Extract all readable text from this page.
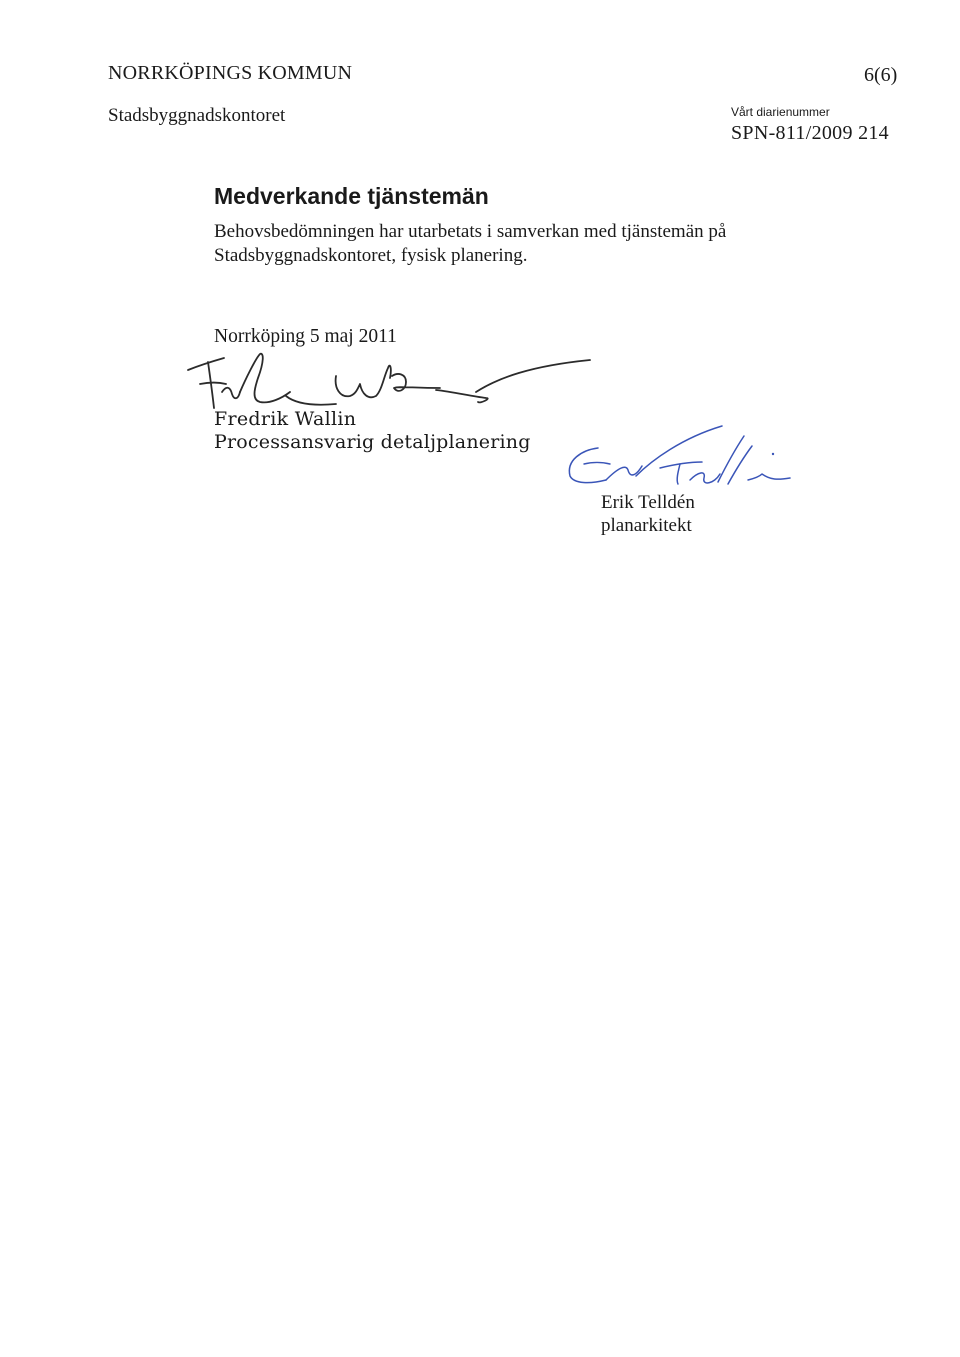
NORRKÖPINGS KOMMUN	6(6)
Stadsbyggnadskontoret	Vårt diarienummer
SPN-811/2009 214
Medverkande tjänstemän
Behovsbedömningen har utarbetats i samverkan med tjänstemän på
Stadsbyggnadskontoret, fysisk planering.
Norrköping 5 maj 2011
Fredrik Wallin
Processansvarig detaljplanering
Erik Telldén
planarkitekt
